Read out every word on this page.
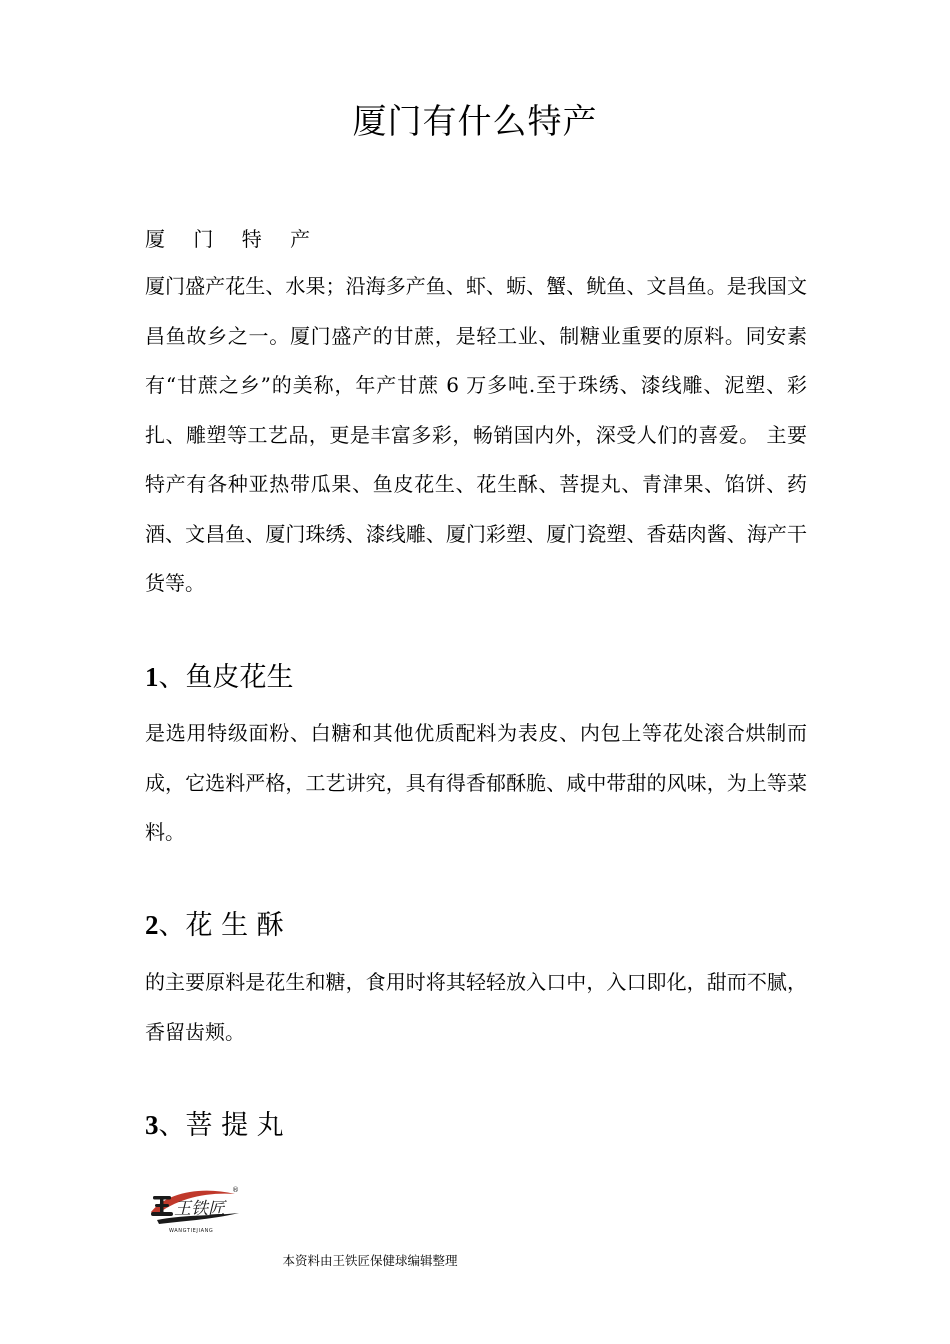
厦门有什么特产
厦 门 特 产

厦门盛产花生、水果；沿海多产鱼、虾、蛎、蟹、鱿鱼、文昌鱼。是我国文昌鱼故乡之一。厦门盛产的甘蔗，是轻工业、制糖业重要的原料。同安素有“甘蔗之乡”的美称，年产甘蔗 6 万多吨.至于珠绣、漆线雕、泥塑、彩扎、雕塑等工艺品，更是丰富多彩，畅销国内外，深受人们的喜爱。 主要特产有各种亚热带瓜果、鱼皮花生、花生酥、菩提丸、青津果、馅饼、药酒、文昌鱼、厦门珠绣、漆线雕、厦门彩塑、厦门瓷塑、香菇肉酱、海产干货等。

1 、 鱼皮花生

是选用特级面粉、白糖和其他优质配料为表皮、内包上等花处滚合烘制而成，它选料严格，工艺讲究，具有得香郁酥脆、咸中带甜的风味，为上等菜料。

2 、 花 生 酥

的主要原料是花生和糖，食用时将其轻轻放入口中，入口即化，甜而不腻，香留齿颊。

3 、 菩 提 丸
王铁匠
®
WANGTIEJIANG
本资料由王铁匠保健球编辑整理
